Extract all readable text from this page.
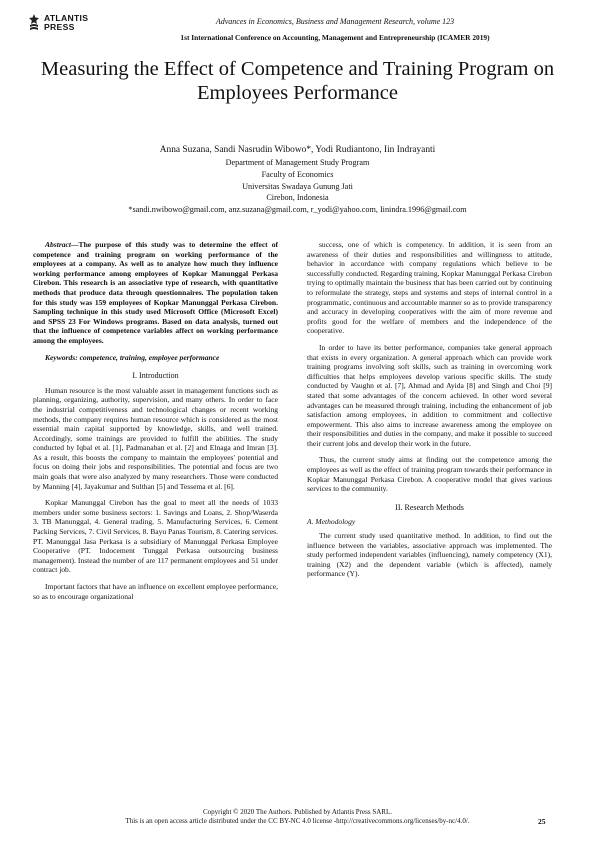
ATLANTIS
PRESS
Advances in Economics, Business and Management Research, volume 123
1st International Conference on Accounting, Management and Entrepreneurship (ICAMER 2019)
Measuring the Effect of Competence and Training Program on Employees Performance
Anna Suzana, Sandi Nasrudin Wibowo*, Yodi Rudiantono, Iin Indrayanti
Department of Management Study Program
Faculty of Economics
Universitas Swadaya Gunung Jati
Cirebon, Indonesia
*sandi.nwibowo@gmail.com, anz.suzana@gmail.com, r_yodi@yahoo.com, Iinindra.1996@gmail.com

Abstract—The purpose of this study was to determine the effect of competence and training program on working performance of the employees at a company. As well as to analyze how much they influence working performance among employees of Kopkar Manunggal Perkasa Cirebon. This research is an associative type of research, with quantitative methods that produce data through questionnaires. The population taken for this study was 159 employees of Kopkar Manunggal Perkasa Cirebon. Sampling technique in this study used Microsoft Office (Microsoft Excel) and SPSS 23 For Windows programs. Based on data analysis, turned out that the influence of competence variables affect on working performance among the employees.

Keywords: competence, training, employee performance

I. Introduction

Human resource is the most valuable asset in management functions such as planning, organizing, authority, supervision, and many others. In order to face the industrial competitiveness and technological changes or recent working methods, the company requires human resource which is considered as the most essential main capital supported by knowledge, skills, and well trained. Accordingly, some trainings are provided to fulfill the abilities. The study conducted by Iqbal et al. [1], Padmanaban et al. [2] and Elnaga and Imran [3]. As a result, this boosts the company to maintain the employees' potential and focus on doing their jobs and responsibilities. The potential and focus are two main goals that were also analyzed by many researchers. Those were conducted by Manning [4], Jayakumar and Sulthan [5] and Tessema et al. [6].

Kopkar Manunggal Cirebon has the goal to meet all the needs of 1033 members under some business sectors: 1. Savings and Loans, 2. Shop/Waserda 3. TB Manunggal, 4. General trading, 5. Manufacturing Services, 6. Cement Packing Services, 7. Civil Services, 8. Bayu Panas Tourism, 8. Catering services. PT. Manunggal Jasa Perkasa is a subsidiary of Manunggal Perkasa Employee Cooperative (PT. Indocement Tunggal Perkasa outsourcing business management). Instead the number of are 117 permanent employees and 51 under contract job.

Important factors that have an influence on excellent employee performance, so as to encourage organizational

success, one of which is competency. In addition, it is seen from an awareness of their duties and responsibilities and willingness to attitude, behavior in accordance with company regulations which believe to be successfully conducted. Regarding training, Kopkar Manunggal Perkasa Cirebon trying to optimally maintain the business that has been carried out by continuing to reformulate the strategy, steps and systems and steps of internal control in a programmatic, continuous and accountable manner so as to provide transparency and accuracy in developing cooperatives with the aim of more revenue and profits good for the welfare of members and the independence of the cooperative.

In order to have its better performance, companies take general approach that exists in every organization. A general approach which can provide work training programs involving soft skills, such as training in overcoming work difficulties that helps employees develop various specific skills. The study conducted by Vaughn et al. [7], Ahmad and Ayida [8] and Singh and Choi [9] stated that some advantages of the concern achieved. In other word several advantages can be measured through training, including the enhancement of job satisfaction among employees, in addition to commitment and collective empowerment. This also aims to increase awareness among the employee on their responsibilities and duties in the company, and make it possible to succeed their current jobs and develop their work in the future.

Thus, the current study aims at finding out the competence among the employees as well as the effect of training program towards their performance in Kopkar Manunggal Perkasa Cirebon. A cooperative model that gives various services to the community.

II. Research Methods
A. Methodology

The current study used quantitative method. In addition, to find out the influence between the variables, associative approach was implemented. The study performed independent variables (influencing), namely competency (X1), training (X2) and the dependent variable (which is affected), namely performance (Y).

Copyright © 2020 The Authors. Published by Atlantis Press SARL.
This is an open access article distributed under the CC BY-NC 4.0 license -http://creativecommons.org/licenses/by-nc/4.0/.	25
